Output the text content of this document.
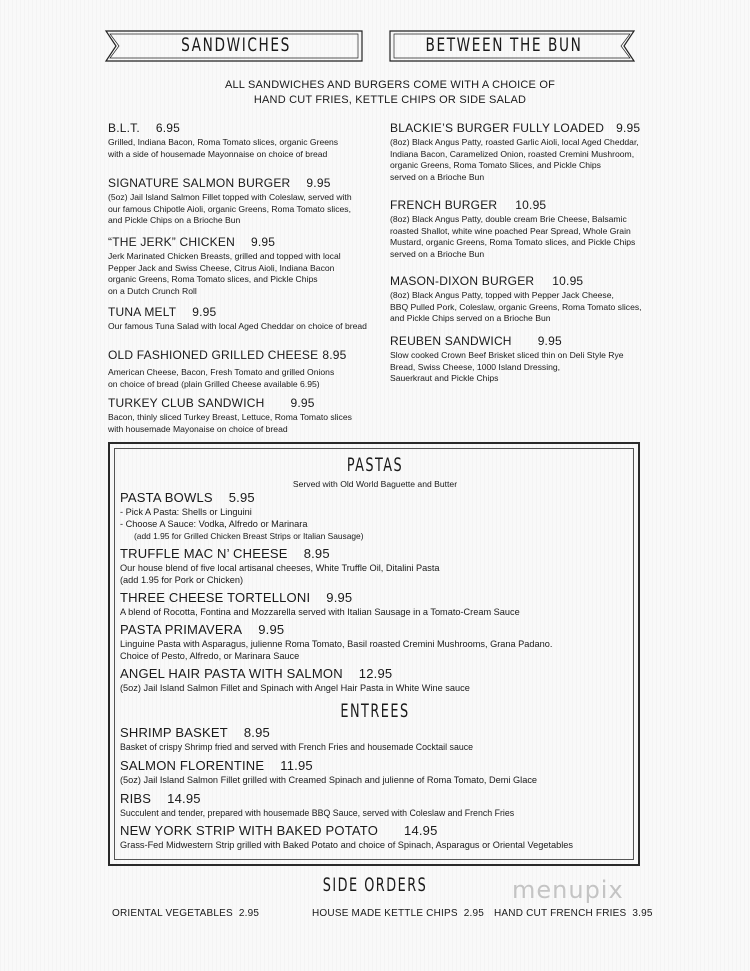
SANDWICHES	BETWEEN THE BUN
ALL SANDWICHES AND BURGERS COME WITH A CHOICE OF
HAND CUT FRIES, KETTLE CHIPS OR SIDE SALAD
B.L.T. 6.95
Grilled, Indiana Bacon, Roma Tomato slices, organic Greens
with a side of housemade Mayonnaise on choice of bread
SIGNATURE SALMON BURGER 9.95
(5oz) Jail Island Salmon Fillet topped with Coleslaw, served with
our famous Chipotle Aioli, organic Greens, Roma Tomato slices,
and Pickle Chips on a Brioche Bun
“THE JERK” CHICKEN 9.95
Jerk Marinated Chicken Breasts, grilled and topped with local
Pepper Jack and Swiss Cheese, Citrus Aioli, Indiana Bacon
organic Greens, Roma Tomato slices, and Pickle Chips
on a Dutch Crunch Roll
TUNA MELT 9.95
Our famous Tuna Salad with local Aged Cheddar on choice of bread
OLD FASHIONED GRILLED CHEESE 8.95
American Cheese, Bacon, Fresh Tomato and grilled Onions
on choice of bread (plain Grilled Cheese available 6.95)
TURKEY CLUB SANDWICH 9.95
Bacon, thinly sliced Turkey Breast, Lettuce, Roma Tomato slices
with housemade Mayonaise on choice of bread
BLACKIE’S BURGER FULLY LOADED 9.95
(8oz) Black Angus Patty, roasted Garlic Aioli, local Aged Cheddar,
Indiana Bacon, Caramelized Onion, roasted Cremini Mushroom,
organic Greens, Roma Tomato Slices, and Pickle Chips
served on a Brioche Bun
FRENCH BURGER 10.95
(8oz) Black Angus Patty, double cream Brie Cheese, Balsamic
roasted Shallot, white wine poached Pear Spread, Whole Grain
Mustard, organic Greens, Roma Tomato slices, and Pickle Chips
served on a Brioche Bun
MASON-DIXON BURGER 10.95
(8oz) Black Angus Patty, topped with Pepper Jack Cheese,
BBQ Pulled Pork, Coleslaw, organic Greens, Roma Tomato slices,
and Pickle Chips served on a Brioche Bun
REUBEN SANDWICH 9.95
Slow cooked Crown Beef Brisket sliced thin on Deli Style Rye
Bread, Swiss Cheese, 1000 Island Dressing,
Sauerkraut and Pickle Chips
PASTAS
Served with Old World Baguette and Butter
PASTA BOWLS 5.95
- Pick A Pasta: Shells or Linguini
- Choose A Sauce: Vodka, Alfredo or Marinara
(add 1.95 for Grilled Chicken Breast Strips or Italian Sausage)
TRUFFLE MAC N’ CHEESE 8.95
Our house blend of five local artisanal cheeses, White Truffle Oil, Ditalini Pasta
(add 1.95 for Pork or Chicken)
THREE CHEESE TORTELLONI 9.95
A blend of Rocotta, Fontina and Mozzarella served with Italian Sausage in a Tomato-Cream Sauce
PASTA PRIMAVERA 9.95
Linguine Pasta with Asparagus, julienne Roma Tomato, Basil roasted Cremini Mushrooms, Grana Padano.
Choice of Pesto, Alfredo, or Marinara Sauce
ANGEL HAIR PASTA WITH SALMON 12.95
(5oz) Jail Island Salmon Fillet and Spinach with Angel Hair Pasta in White Wine sauce
ENTREES
SHRIMP BASKET 8.95
Basket of crispy Shrimp fried and served with French Fries and housemade Cocktail sauce
SALMON FLORENTINE 11.95
(5oz) Jail Island Salmon Fillet grilled with Creamed Spinach and julienne of Roma Tomato, Demi Glace
RIBS 14.95
Succulent and tender, prepared with housemade BBQ Sauce, served with Coleslaw and French Fries
NEW YORK STRIP WITH BAKED POTATO 14.95
Grass-Fed Midwestern Strip grilled with Baked Potato and choice of Spinach, Asparagus or Oriental Vegetables
SIDE ORDERS	menupix
ORIENTAL VEGETABLES 2.95	HOUSE MADE KETTLE CHIPS 2.95 HAND CUT FRENCH FRIES 3.95
